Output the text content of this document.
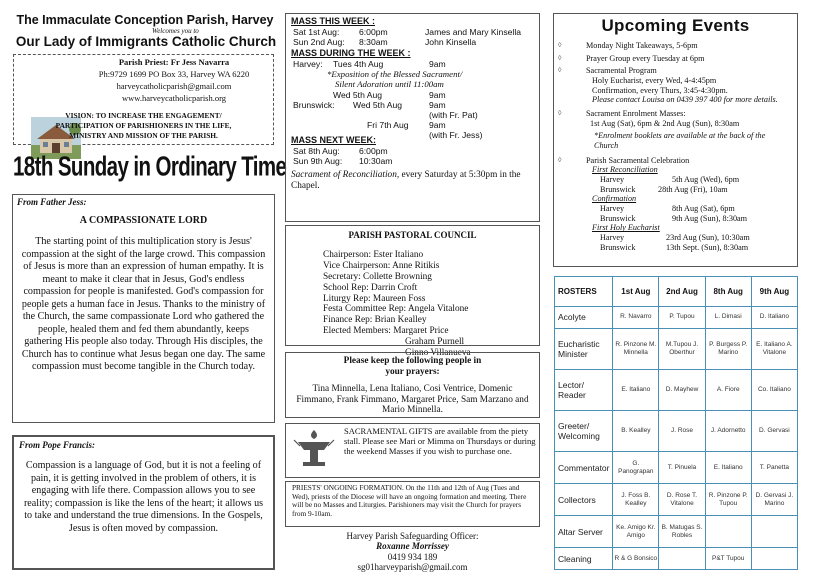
The Immaculate Conception Parish, Harvey
Welcomes you to
Our Lady of Immigrants Catholic Church
Parish Priest: Fr Jess Navarra
Ph:9729 1699 PO Box 33, Harvey WA 6220
harveycatholicparish@gmail.com
www.harveycatholicparish.org
VISION: TO INCREASE THE ENGAGEMENT/
PARTICIPATION OF PARISHIONERS IN THE LIFE,
MINISTRY AND MISSION OF THE PARISH.
18th Sunday in Ordinary Time
From Father Jess:
A COMPASSIONATE LORD
The starting point of this multiplication story is Jesus' compassion at the sight of the large crowd. This compassion of Jesus is more than an expression of human empathy. It is meant to make it clear that in Jesus, God's endless compassion for people is manifested. God's compassion for people gets a human face in Jesus. Thanks to the ministry of the Church, the same compassionate Lord who gathered the people, healed them and fed them abundantly, keeps gathering His people also today. Through His disciples, the Church has to continue what Jesus began one day. The same compassion must become tangible in the Church today.
From Pope Francis:
Compassion is a language of God, but it is not a feeling of pain, it is getting involved in the problem of others, it is engaging with life there. Compassion allows you to see reality; compassion is like the lens of the heart; it allows us to take and understand the true dimensions. In the Gospels, Jesus is often moved by compassion.
MASS THIS WEEK :
Sat 1st Aug:	6:00pm	James and Mary Kinsella
Sun 2nd Aug:	8:30am	John Kinsella
MASS DURING THE WEEK :
Harvey:	Tues 4th Aug	9am
*Exposition of the Blessed Sacrament/
Silent Adoration until 11:00am
Wed 5th Aug	9am
Brunswick:	Wed 5th Aug	9am
(with Fr. Pat)
Fri 7th Aug	9am
(with Fr. Jess)
MASS NEXT WEEK:
Sat 8th Aug:	6:00pm
Sun 9th Aug:	10:30am
Sacrament of Reconciliation, every Saturday at 5:30pm in the Chapel.
PARISH PASTORAL COUNCIL
Chairperson: Ester Italiano
Vice Chairperson: Anne Ritikis
Secretary: Collette Browning
School Rep: Darrin Croft
Liturgy Rep: Maureen Foss
Festa Committee Rep: Angela Vitalone
Finance Rep: Brian Kealley
Elected Members: Margaret Price
Graham Purnell
Ginno Villanueva
Please keep the following people in
your prayers:
Tina Minnella, Lena Italiano, Cosi Ventrice, Domenic Fimmano, Frank Fimmano, Margaret Price, Sam Marzano and Mario Minnella.
SACRAMENTAL GIFTS are available from the piety stall. Please see Mari or Mimma on Thursdays or during the weekend Masses if you wish to purchase one.
PRIESTS' ONGOING FORMATION. On the 11th and 12th of Aug (Tues and Wed), priests of the Diocese will have an ongoing formation and meeting. There will be no Masses and Liturgies. Parishioners may visit the Church for prayers from 9-10am.
Harvey Parish Safeguarding Officer:
Roxanne Morrissey
0419 934 189
sg01harveyparish@gmail.com
Upcoming Events
◊	Monday Night Takeaways, 5-6pm
◊	Prayer Group every Tuesday at 6pm
◊	Sacramental Program
Holy Eucharist, every Wed, 4-4:45pm
Confirmation, every Thurs, 3:45-4:30pm.
Please contact Louisa on 0439 397 400 for more details.
◊	Sacrament Enrolment Masses:
1st Aug (Sat), 6pm & 2nd Aug (Sun), 8:30am
*Enrolment booklets are available at the back of the Church
◊	Parish Sacramental Celebration
First Reconciliation
Harvey	5th Aug (Wed), 6pm
Brunswick	28th Aug (Fri), 10am
Confirmation
Harvey	8th Aug (Sat), 6pm
Brunswick	9th Aug (Sun), 8:30am
First Holy Eucharist
Harvey	23rd Aug (Sun), 10:30am
Brunswick	13th Sept. (Sun), 8:30am
ROSTERS	1st Aug	2nd Aug	8th Aug	9th Aug
Acolyte	R. Navarro	P. Tupou	L. Dimasi	D. Italiano
Eucharistic Minister	R. Pinzone M. Minnella	M.Tupou J. Oberthur	P. Burgess P. Marino	E. Italiano A. Vitalone
Lector/ Reader	E. Italiano	D. Mayhew	A. Fiore	Co. Italiano
Greeter/ Welcoming	B. Kealley	J. Rose	J. Adornetto	D. Gervasi
Commentator	G. Panograpan	T. Pinuela	E. Italiano	T. Panetta
Collectors	J. Foss B. Kealley	D. Rose T. Vitalone	R. Pinzone P. Tupou	D. Gervasi J. Marino
Altar Server	Ke. Amigo Kr. Amigo	B. Matugas S. Robles		
Cleaning	R & G Bonsico		P&T Tupou	
